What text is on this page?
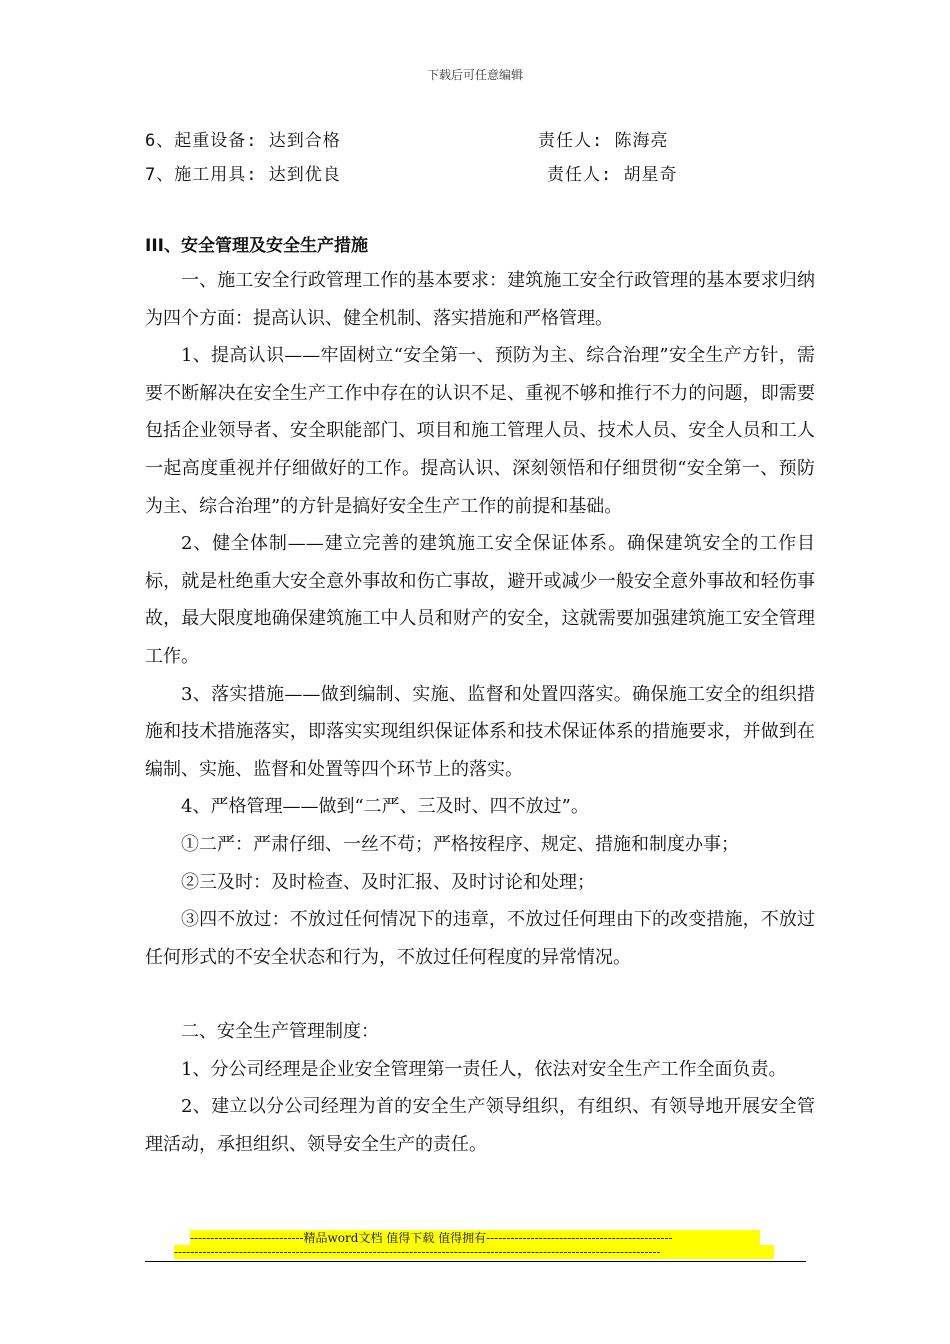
下载后可任意编辑
6、起重设备: 达到合格	责任人: 陈海亮
7、施工用具: 达到优良	责任人: 胡星奇
III、安全管理及安全生产措施

一、施工安全行政管理工作的基本要求：建筑施工安全行政管理的基本要求归纳为四个方面：提高认识、健全机制、落实措施和严格管理。

1、提高认识——牢固树立“安全第一、预防为主、综合治理”安全生产方针，需要不断解决在安全生产工作中存在的认识不足、重视不够和推行不力的问题，即需要包括企业领导者、安全职能部门、项目和施工管理人员、技术人员、安全人员和工人一起高度重视并仔细做好的工作。提高认识、深刻领悟和仔细贯彻“安全第一、预防为主、综合治理”的方针是搞好安全生产工作的前提和基础。

2、健全体制——建立完善的建筑施工安全保证体系。确保建筑安全的工作目标，就是杜绝重大安全意外事故和伤亡事故，避开或减少一般安全意外事故和轻伤事故，最大限度地确保建筑施工中人员和财产的安全，这就需要加强建筑施工安全管理工作。

3、落实措施——做到编制、实施、监督和处置四落实。确保施工安全的组织措施和技术措施落实，即落实实现组织保证体系和技术保证体系的措施要求，并做到在编制、实施、监督和处置等四个环节上的落实。

4、严格管理——做到“二严、三及时、四不放过”。

①二严：严肃仔细、一丝不苟；严格按程序、规定、措施和制度办事；

②三及时：及时检查、及时汇报、及时讨论和处理；

③四不放过：不放过任何情况下的违章，不放过任何理由下的改变措施，不放过任何形式的不安全状态和行为，不放过任何程度的异常情况。

二、安全生产管理制度：

1、分公司经理是企业安全管理第一责任人，依法对安全生产工作全面负责。

2、建立以分公司经理为首的安全生产领导组织，有组织、有领导地开展安全管理活动，承担组织、领导安全生产的责任。

----------------------------精品word文档 值得下载 值得拥有----------------------------------------------
------------------------------------------------------------------------------------------------------------------------
